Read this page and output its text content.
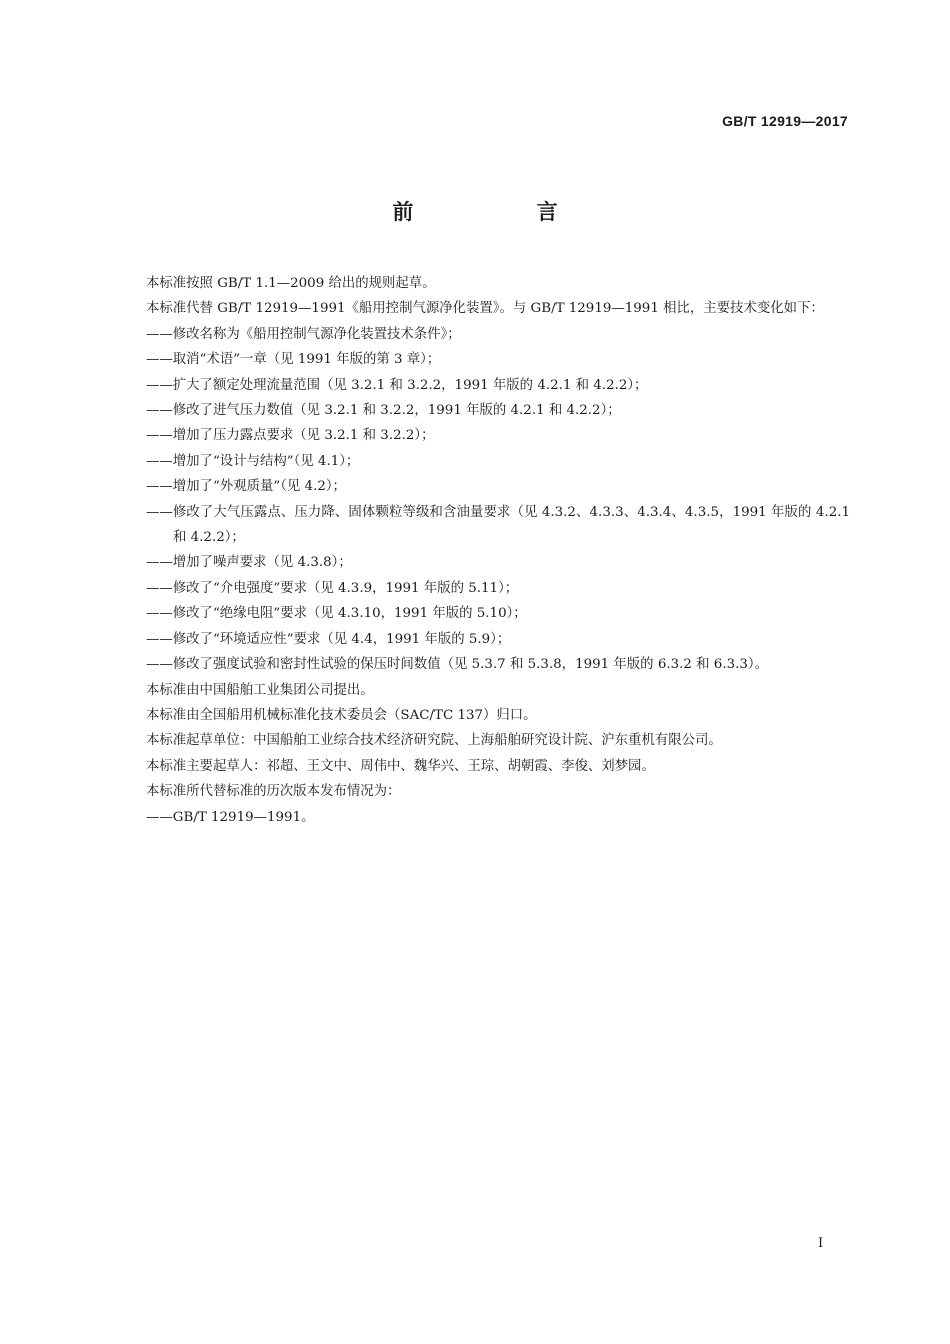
GB/T 12919—2017
前 言
本标准按照 GB/T 1.1—2009 给出的规则起草。
本标准代替 GB/T 12919—1991《船用控制气源净化装置》。与 GB/T 12919—1991 相比，主要技术变化如下：
——修改名称为《船用控制气源净化装置技术条件》；
——取消“术语”一章（见 1991 年版的第 3 章）；
——扩大了额定处理流量范围（见 3.2.1 和 3.2.2，1991 年版的 4.2.1 和 4.2.2）；
——修改了进气压力数值（见 3.2.1 和 3.2.2，1991 年版的 4.2.1 和 4.2.2）；
——增加了压力露点要求（见 3.2.1 和 3.2.2）；
——增加了“设计与结构”（见 4.1）；
——增加了“外观质量”（见 4.2）；
——修改了大气压露点、压力降、固体颗粒等级和含油量要求（见 4.3.2、4.3.3、4.3.4、4.3.5，1991 年版的 4.2.1 和 4.2.2）；
——增加了噪声要求（见 4.3.8）；
——修改了“介电强度”要求（见 4.3.9，1991 年版的 5.11）；
——修改了“绝缘电阻”要求（见 4.3.10，1991 年版的 5.10）；
——修改了“环境适应性”要求（见 4.4，1991 年版的 5.9）；
——修改了强度试验和密封性试验的保压时间数值（见 5.3.7 和 5.3.8，1991 年版的 6.3.2 和 6.3.3）。
本标准由中国船舶工业集团公司提出。
本标准由全国船用机械标准化技术委员会（SAC/TC 137）归口。
本标准起草单位：中国船舶工业综合技术经济研究院、上海船舶研究设计院、沪东重机有限公司。
本标准主要起草人：祁超、王文中、周伟中、魏华兴、王琮、胡朝霞、李俊、刘梦园。
本标准所代替标准的历次版本发布情况为：
——GB/T 12919—1991。
I
